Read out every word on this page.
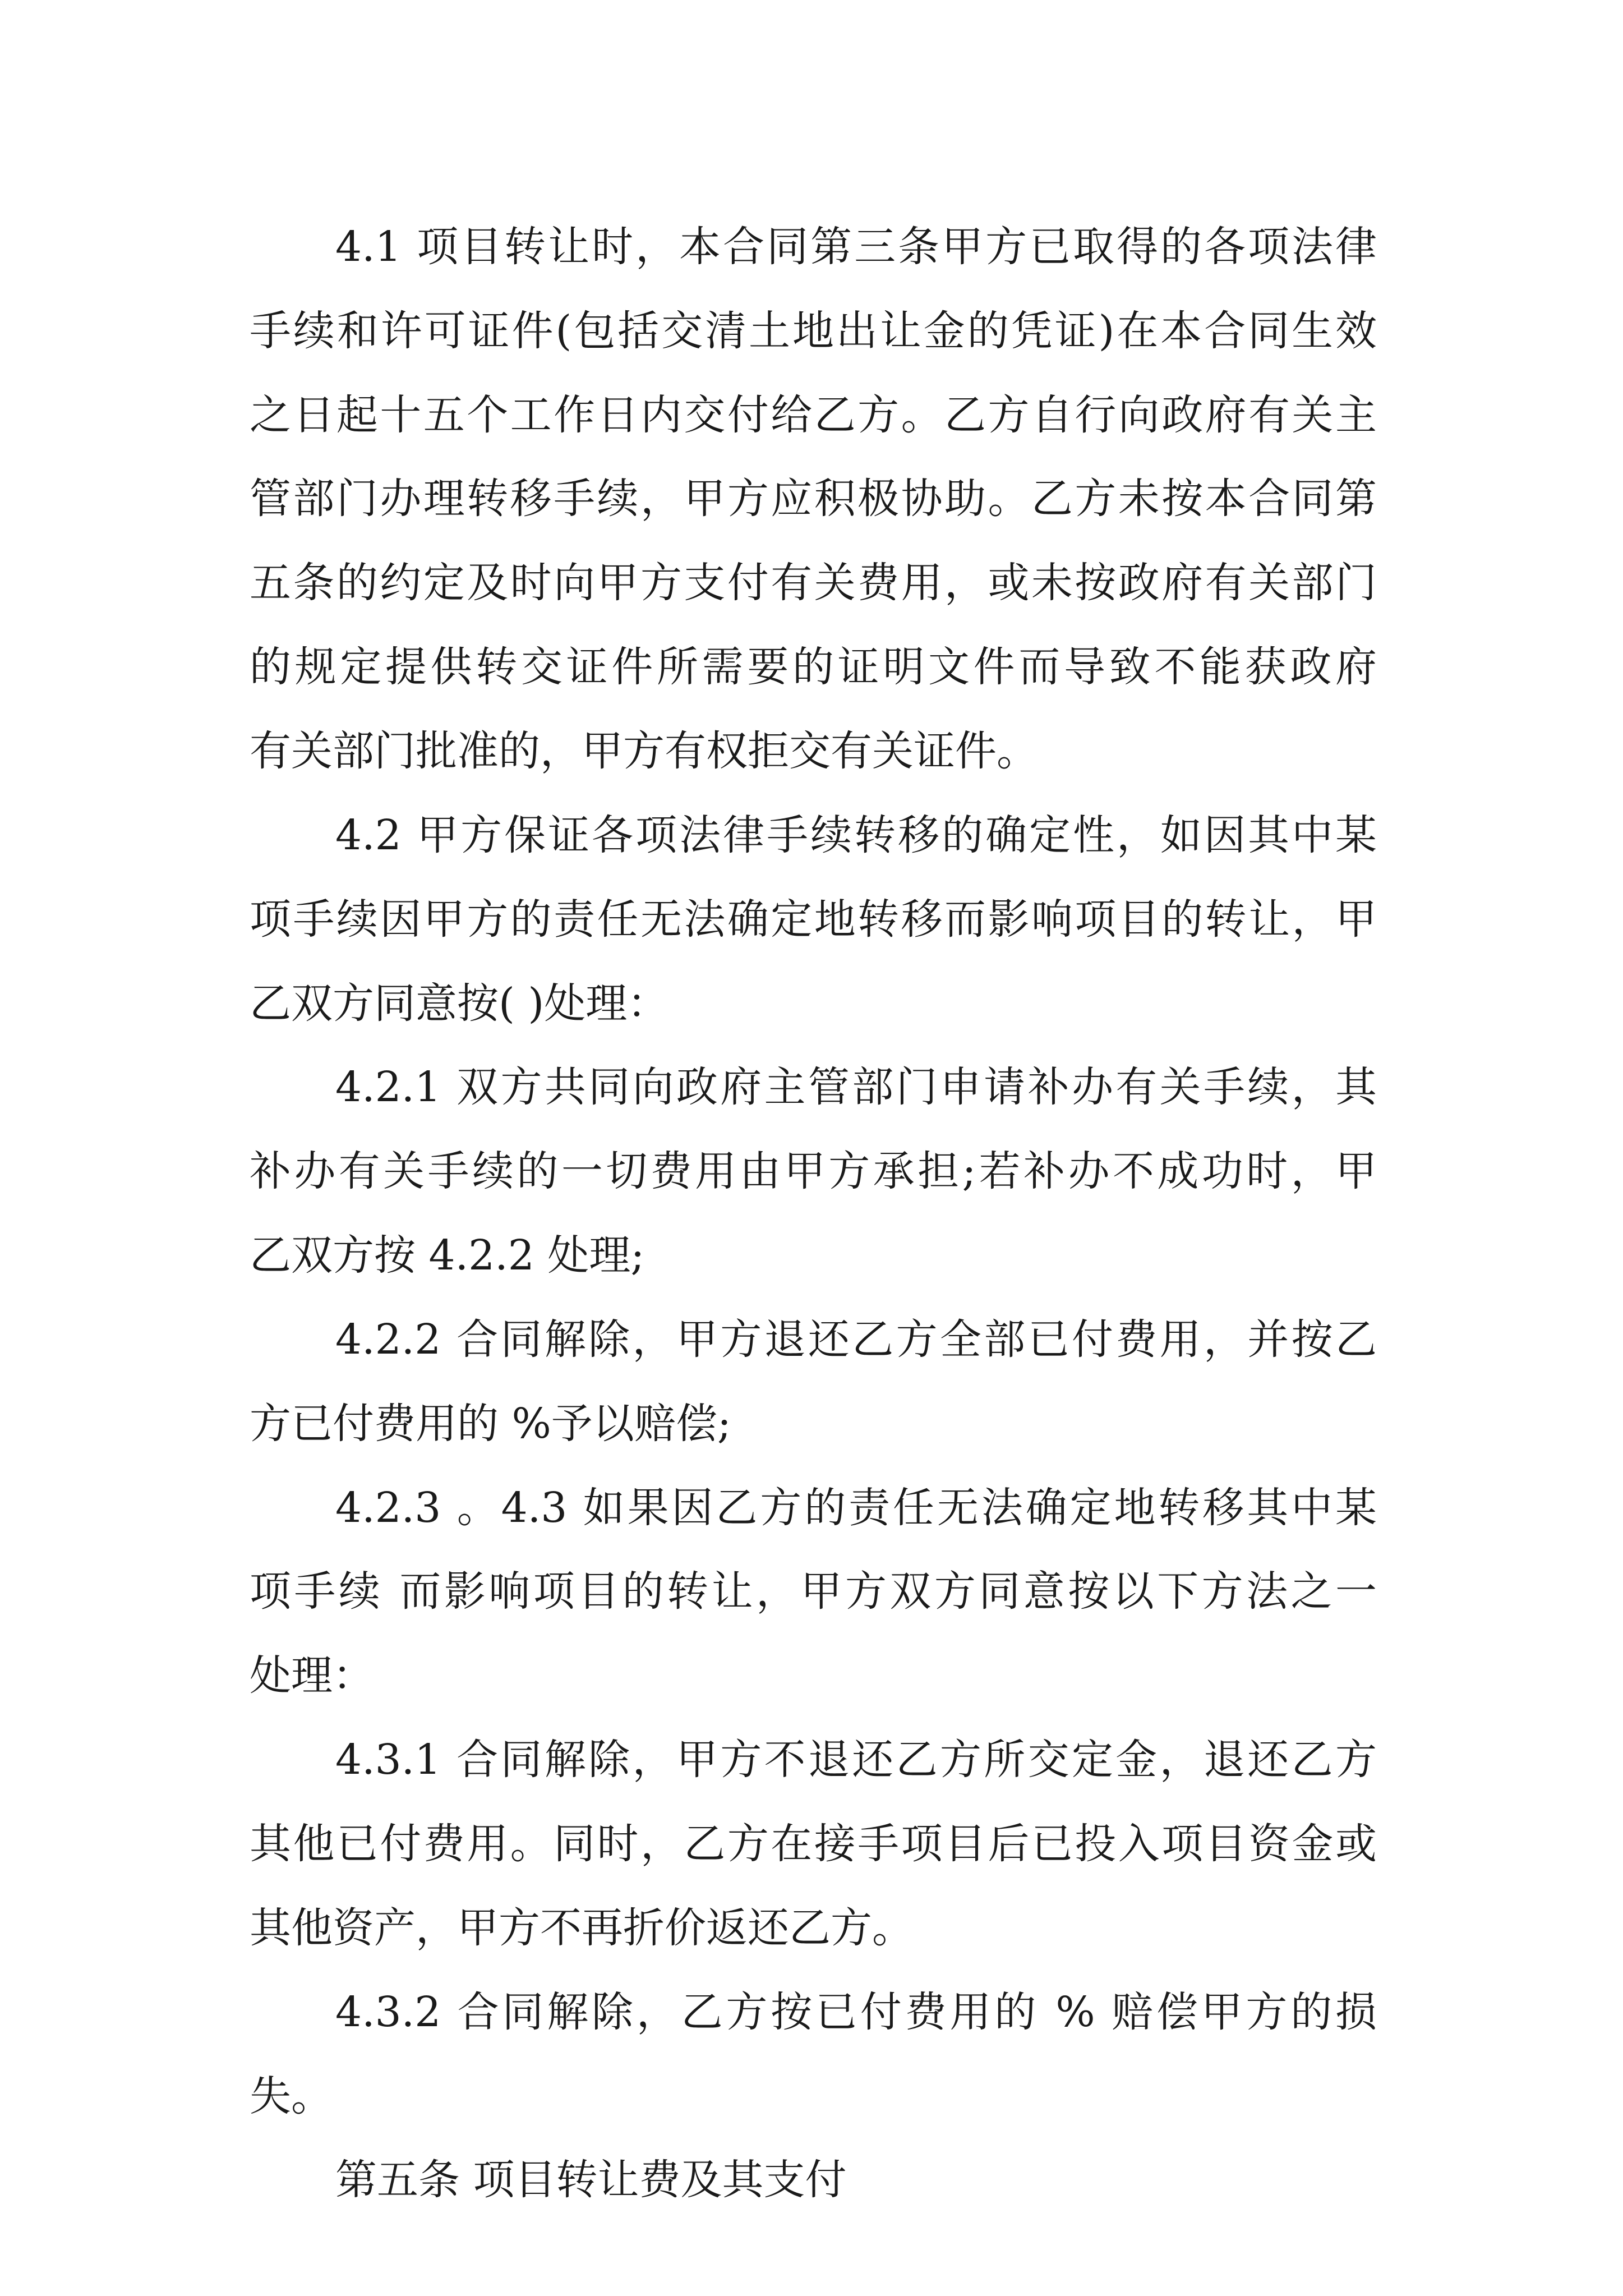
4.1 项目转让时，本合同第三条甲方已取得的各项法律

手续和许可证件(包括交清土地出让金的凭证)在本合同生效

之日起十五个工作日内交付给乙方。乙方自行向政府有关主

管部门办理转移手续，甲方应积极协助。乙方未按本合同第

五条的约定及时向甲方支付有关费用，或未按政府有关部门

的规定提供转交证件所需要的证明文件而导致不能获政府

有关部门批准的，甲方有权拒交有关证件。

4.2 甲方保证各项法律手续转移的确定性，如因其中某

项手续因甲方的责任无法确定地转移而影响项目的转让，甲

乙双方同意按( )处理：

4.2.1 双方共同向政府主管部门申请补办有关手续，其

补办有关手续的一切费用由甲方承担;若补办不成功时，甲

乙双方按 4.2.2 处理;

4.2.2 合同解除，甲方退还乙方全部已付费用，并按乙

方已付费用的 %予以赔偿;

4.2.3 。4.3 如果因乙方的责任无法确定地转移其中某

项手续 而影响项目的转让，甲方双方同意按以下方法之一

处理：

4.3.1 合同解除，甲方不退还乙方所交定金，退还乙方

其他已付费用。同时，乙方在接手项目后已投入项目资金或

其他资产，甲方不再折价返还乙方。

4.3.2 合同解除，乙方按已付费用的 % 赔偿甲方的损

失。

第五条 项目转让费及其支付
